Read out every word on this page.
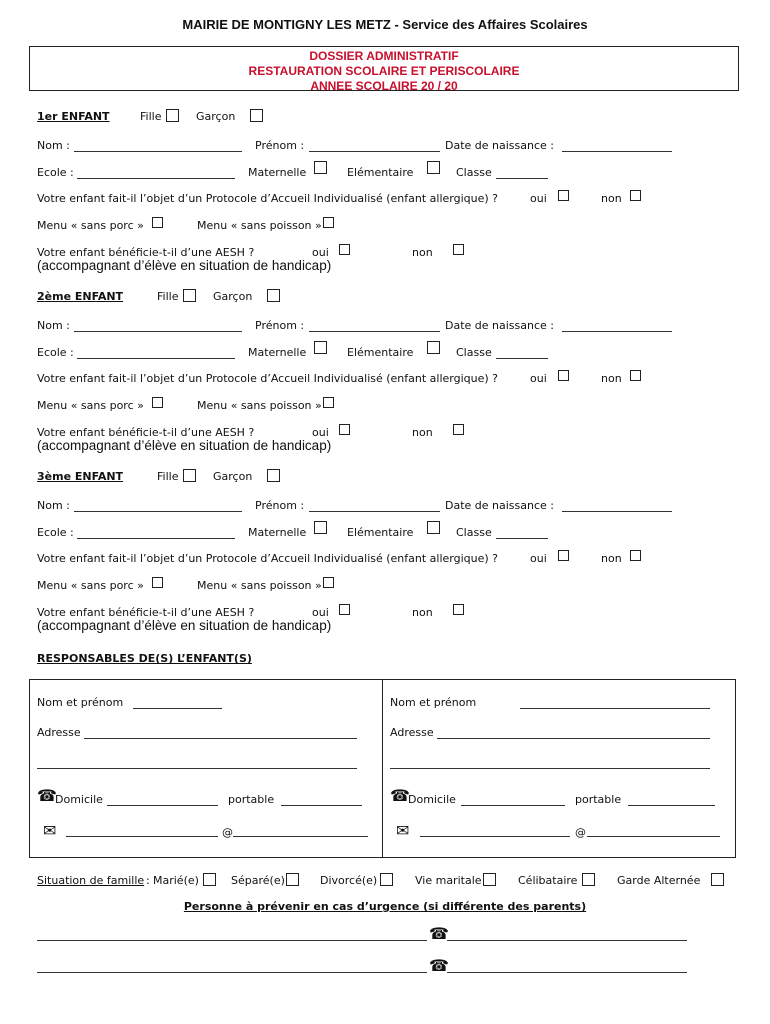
MAIRIE DE MONTIGNY LES METZ - Service des Affaires Scolaires
DOSSIER ADMINISTRATIF
RESTAURATION SCOLAIRE ET PERISCOLAIRE
ANNEE SCOLAIRE 20 / 20
1er ENFANT	Fille	Garçon
Nom :	Prénom :	Date de naissance :
Ecole :	Maternelle	Elémentaire	Classe
Votre enfant fait-il l’objet d’un Protocole d’Accueil Individualisé (enfant allergique) ?	oui	non
Menu « sans porc »	Menu « sans poisson »
Votre enfant bénéficie-t-il d’une AESH ?	oui	non
(accompagnant d’élève en situation de handicap)
2ème ENFANT	Fille	Garçon
Nom :	Prénom :	Date de naissance :
Ecole :	Maternelle	Elémentaire	Classe
Votre enfant fait-il l’objet d’un Protocole d’Accueil Individualisé (enfant allergique) ?	oui	non
Menu « sans porc »	Menu « sans poisson »
Votre enfant bénéficie-t-il d’une AESH ?	oui	non
(accompagnant d’élève en situation de handicap)
3ème ENFANT	Fille	Garçon
Nom :	Prénom :	Date de naissance :
Ecole :	Maternelle	Elémentaire	Classe
Votre enfant fait-il l’objet d’un Protocole d’Accueil Individualisé (enfant allergique) ?	oui	non
Menu « sans porc »	Menu « sans poisson »
Votre enfant bénéficie-t-il d’une AESH ?	oui	non
(accompagnant d’élève en situation de handicap)
RESPONSABLES DE(S) L’ENFANT(S)
Nom et prénom
Adresse
☎
Domicile	portable
✉	@
Nom et prénom
Adresse
☎
Domicile	portable
✉	@
Situation de famille : Marié(e)	Séparé(e)	Divorcé(e)	Vie maritale	Célibataire	Garde Alternée
Personne à prévenir en cas d’urgence (si différente des parents)
☎
☎
